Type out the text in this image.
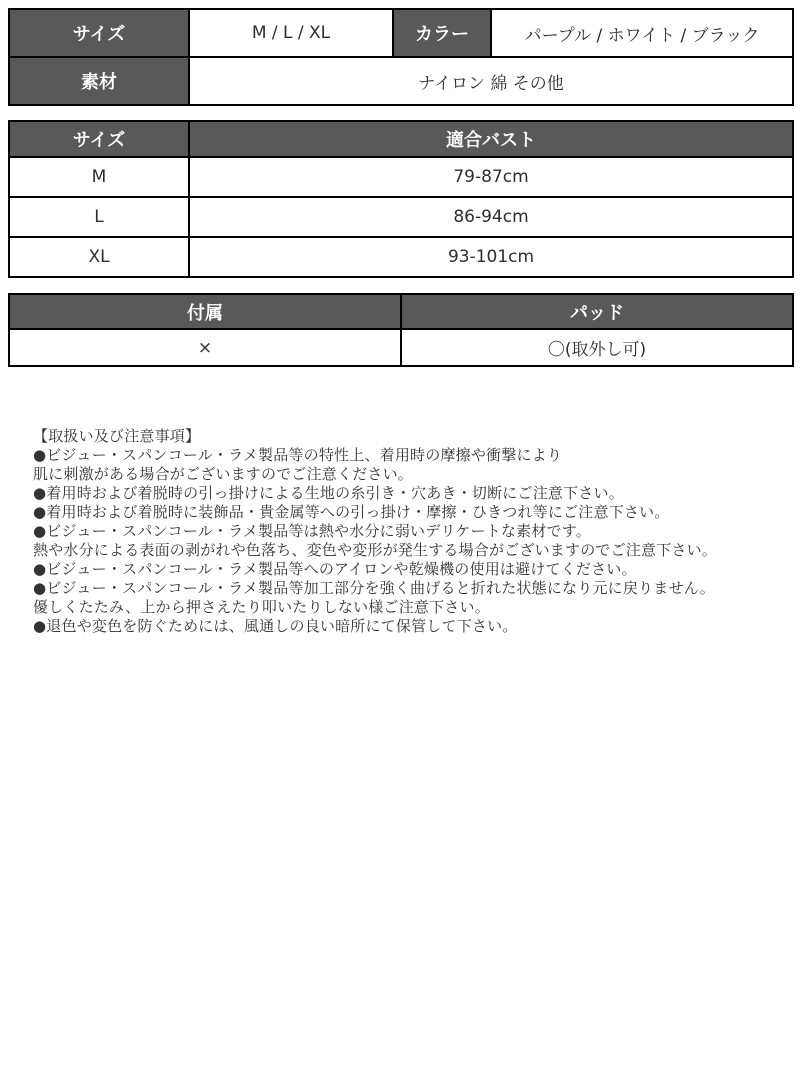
サイズ	M / L / XL	カラー	パープル / ホワイト / ブラック
素材	ナイロン 綿 その他		
サイズ	適合バスト
M	79-87cm
L	86-94cm
XL	93-101cm
付属	パッド
×	〇(取外し可)
【取扱い及び注意事項】
●ビジュー・スパンコール・ラメ製品等の特性上、着用時の摩擦や衝撃により
肌に刺激がある場合がございますのでご注意ください。
●着用時および着脱時の引っ掛けによる生地の糸引き・穴あき・切断にご注意下さい。
●着用時および着脱時に装飾品・貴金属等への引っ掛け・摩擦・ひきつれ等にご注意下さい。
●ビジュー・スパンコール・ラメ製品等は熱や水分に弱いデリケートな素材です。
熱や水分による表面の剥がれや色落ち、変色や変形が発生する場合がございますのでご注意下さい。
●ビジュー・スパンコール・ラメ製品等へのアイロンや乾燥機の使用は避けてください。
●ビジュー・スパンコール・ラメ製品等加工部分を強く曲げると折れた状態になり元に戻りません。
優しくたたみ、上から押さえたり叩いたりしない様ご注意下さい。
●退色や変色を防ぐためには、風通しの良い暗所にて保管して下さい。
